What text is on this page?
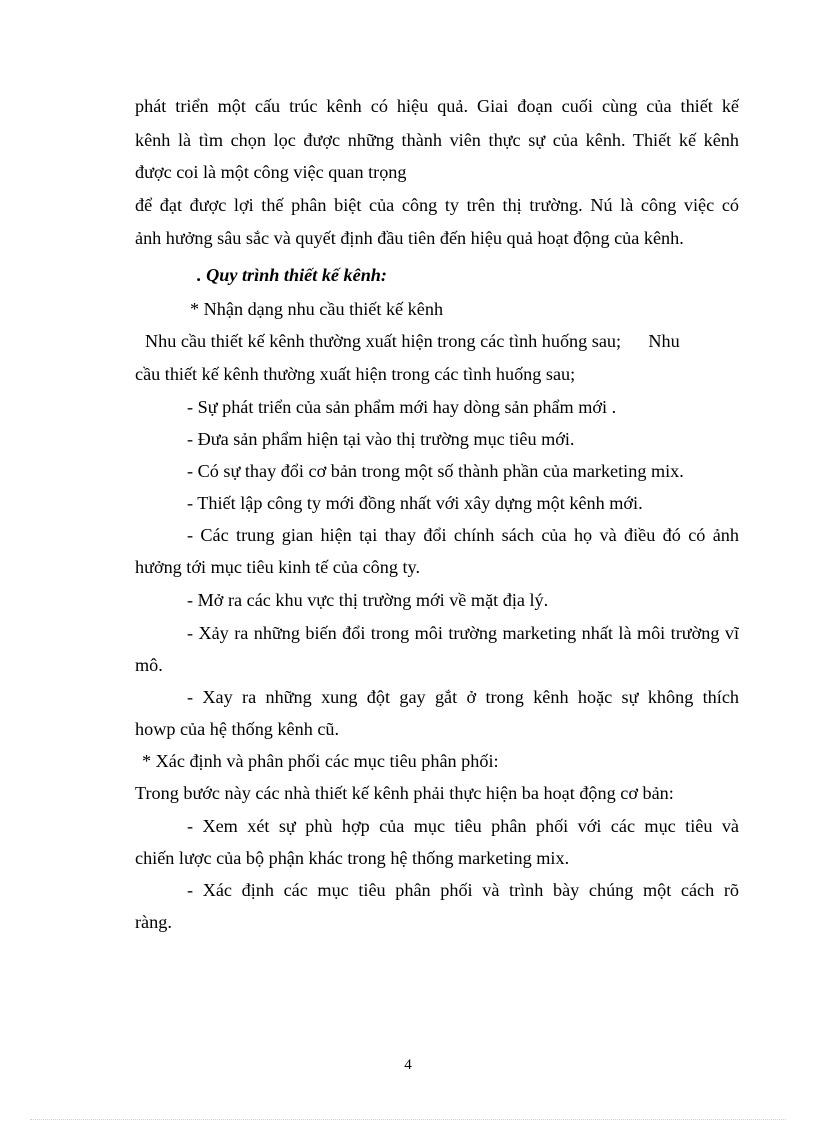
phát triển một cấu trúc kênh có hiệu quả. Giai đoạn cuối cùng của thiết kế
kênh là tìm chọn lọc được những thành viên thực sự của kênh. Thiết kế kênh
được coi là một công việc quan trọng
để đạt được lợi thế phân biệt của công ty trên thị trường. Nú là công việc có
ảnh hưởng sâu sắc và quyết định đầu tiên đến hiệu quả hoạt động của kênh.
. Quy trình thiết kế kênh:
* Nhận dạng nhu cầu thiết kế kênh
Nhu cầu thiết kế kênh thường xuất hiện trong các tình huống sau;      Nhu
cầu thiết kế kênh thường xuất hiện trong các tình huống sau;
- Sự phát triển của sản phẩm mới hay dòng sản phẩm mới .
- Đưa sản phẩm hiện tại vào thị trường mục tiêu mới.
- Có sự thay đổi cơ bản trong một số thành phần của marketing mix.
- Thiết lập công ty mới đồng nhất với xây dựng một kênh mới.
- Các trung gian hiện tại thay đổi chính sách của họ và điều đó có ảnh
hưởng tới mục tiêu kinh tế của công ty.
- Mở ra các khu vực thị trường mới về mặt địa lý.
- Xảy ra những biến đổi trong môi trường marketing nhất là môi trường vĩ
mô.
- Xay ra những xung đột gay gắt ở trong kênh hoặc sự không thích
howp của hệ thống kênh cũ.
* Xác định và phân phối các mục tiêu phân phối:
Trong bước này các nhà thiết kế kênh phải thực hiện ba hoạt động cơ bản:
- Xem xét sự phù hợp của mục tiêu phân phối với các mục tiêu và
chiến lược của bộ phận khác trong hệ thống marketing mix.
- Xác định các mục tiêu phân phối và trình bày chúng một cách rõ
ràng.
4
